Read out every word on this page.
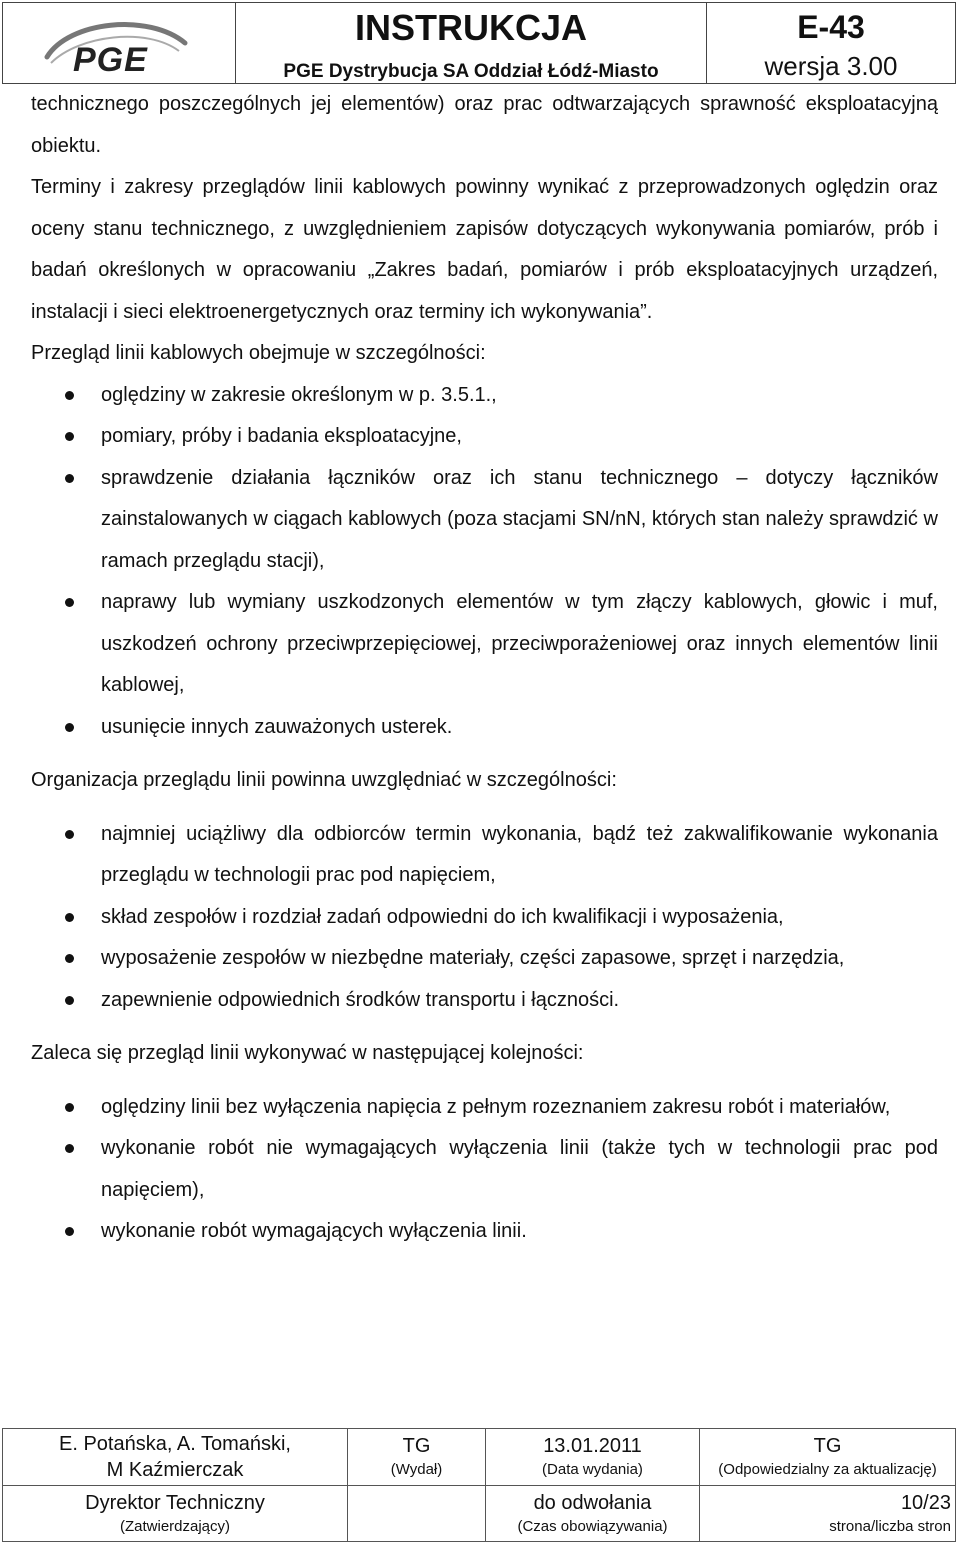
PGE
INSTRUKCJA
PGE Dystrybucja SA Oddział Łódź-Miasto
E-43
wersja 3.00

technicznego poszczególnych jej elementów) oraz prac odtwarzających sprawność eksploatacyjną obiektu.

Terminy i zakresy przeglądów linii kablowych powinny wynikać z przeprowadzonych oględzin oraz oceny stanu technicznego, z uwzględnieniem zapisów dotyczących wykonywania pomiarów, prób i badań określonych w opracowaniu „Zakres badań, pomiarów i prób eksploatacyjnych urządzeń, instalacji i sieci elektroenergetycznych oraz terminy ich wykonywania”.

Przegląd linii kablowych obejmuje w szczególności:

oględziny w zakresie określonym w p. 3.5.1.,
pomiary, próby i badania eksploatacyjne,
sprawdzenie działania łączników oraz ich stanu technicznego – dotyczy łączników zainstalowanych w ciągach kablowych (poza stacjami SN/nN, których stan należy sprawdzić w ramach przeglądu stacji),
naprawy lub wymiany uszkodzonych elementów w tym złączy kablowych, głowic i muf, uszkodzeń ochrony przeciwprzepięciowej, przeciwporażeniowej oraz innych elementów linii kablowej,
usunięcie innych zauważonych usterek.

Organizacja przeglądu linii powinna uwzględniać w szczególności:

najmniej uciążliwy dla odbiorców termin wykonania, bądź też zakwalifikowanie wykonania przeglądu w technologii prac pod napięciem,
skład zespołów i rozdział zadań odpowiedni do ich kwalifikacji i wyposażenia,
wyposażenie zespołów w niezbędne materiały, części zapasowe, sprzęt i narzędzia,
zapewnienie odpowiednich środków transportu i łączności.

Zaleca się przegląd linii wykonywać w następującej kolejności:

oględziny linii bez wyłączenia napięcia z pełnym rozeznaniem zakresu robót i materiałów,
wykonanie robót nie wymagających wyłączenia linii (także tych w technologii prac pod napięciem),
wykonanie robót wymagających wyłączenia linii.
E. Potańska, A. Tomański,
M Kaźmierczak
Dyrektor Techniczny
(Zatwierdzający)
TG
(Wydał)
13.01.2011
(Data wydania)
do odwołania
(Czas obowiązywania)
TG
(Odpowiedzialny za aktualizację)
10/23
strona/liczba stron
